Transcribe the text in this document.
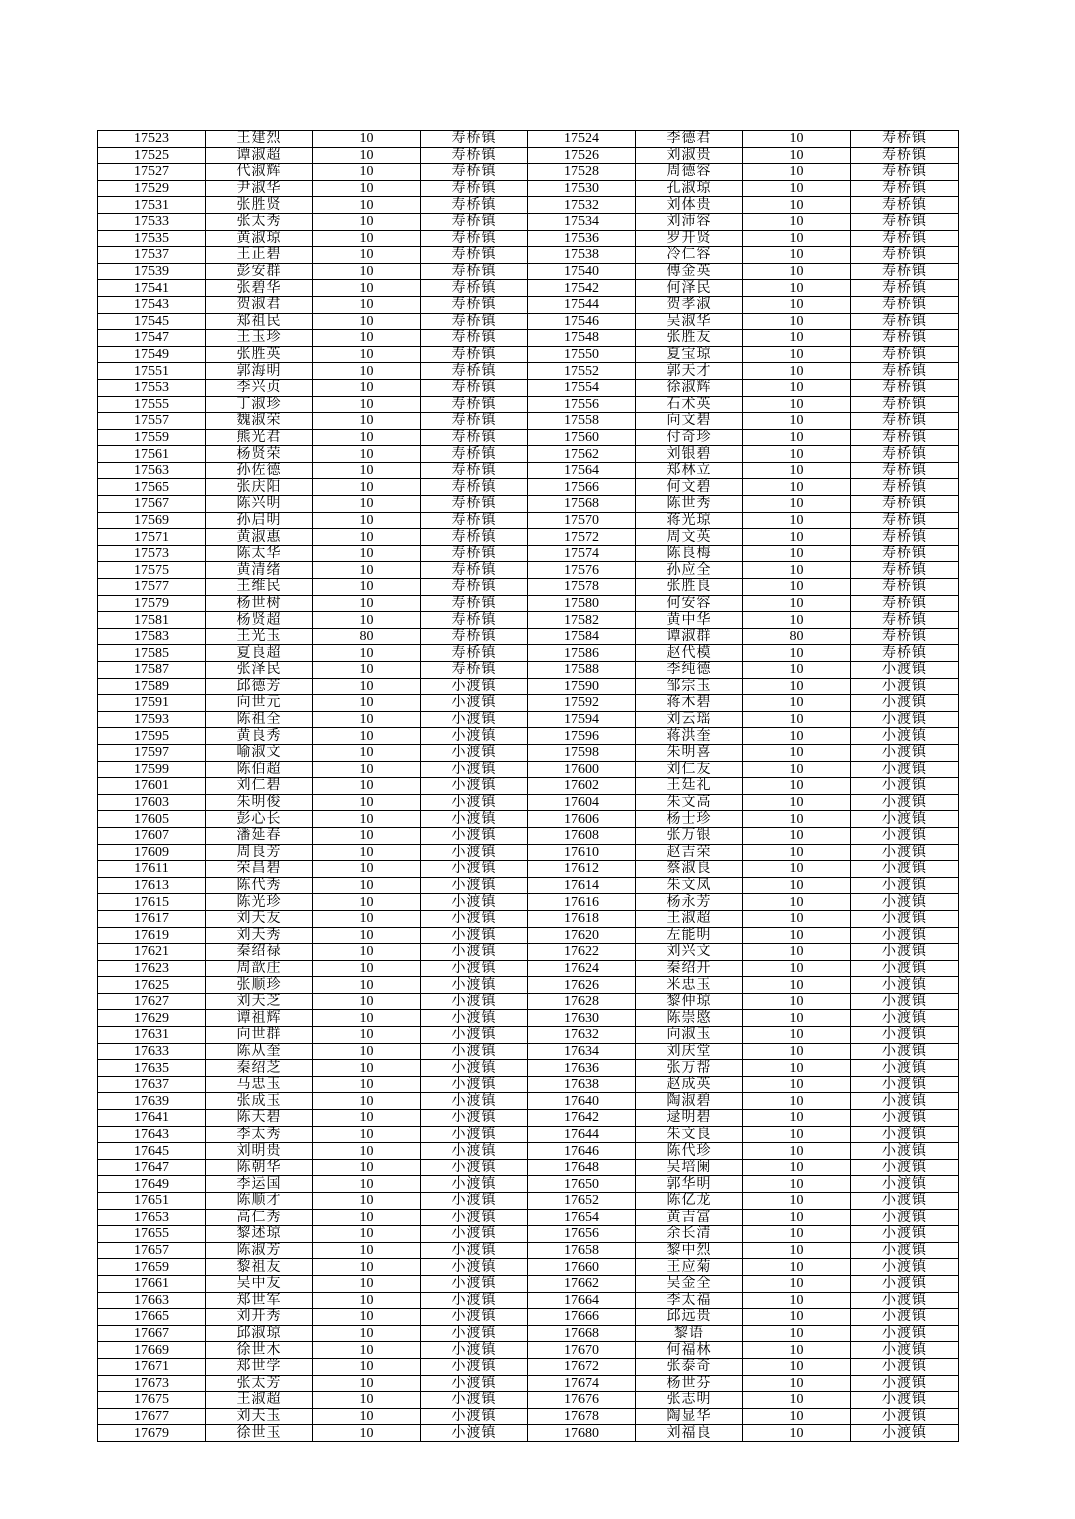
17523	王建烈	10	寿桥镇	17524	李德君	10	寿桥镇
17525	谭淑超	10	寿桥镇	17526	刘淑贵	10	寿桥镇
17527	代淑辉	10	寿桥镇	17528	周德容	10	寿桥镇
17529	尹淑华	10	寿桥镇	17530	孔淑琼	10	寿桥镇
17531	张胜贤	10	寿桥镇	17532	刘体贵	10	寿桥镇
17533	张太秀	10	寿桥镇	17534	刘沛容	10	寿桥镇
17535	黄淑琼	10	寿桥镇	17536	罗开贤	10	寿桥镇
17537	王正碧	10	寿桥镇	17538	冷仁容	10	寿桥镇
17539	彭安群	10	寿桥镇	17540	傅金英	10	寿桥镇
17541	张碧华	10	寿桥镇	17542	何泽民	10	寿桥镇
17543	贺淑君	10	寿桥镇	17544	贺孝淑	10	寿桥镇
17545	郑祖民	10	寿桥镇	17546	吴淑华	10	寿桥镇
17547	王玉珍	10	寿桥镇	17548	张胜友	10	寿桥镇
17549	张胜英	10	寿桥镇	17550	夏宝琼	10	寿桥镇
17551	郭海明	10	寿桥镇	17552	郭天才	10	寿桥镇
17553	李兴贞	10	寿桥镇	17554	徐淑辉	10	寿桥镇
17555	丁淑珍	10	寿桥镇	17556	石术英	10	寿桥镇
17557	魏淑荣	10	寿桥镇	17558	向文碧	10	寿桥镇
17559	熊光君	10	寿桥镇	17560	付奇珍	10	寿桥镇
17561	杨贤荣	10	寿桥镇	17562	刘银碧	10	寿桥镇
17563	孙佐德	10	寿桥镇	17564	郑林立	10	寿桥镇
17565	张庆阳	10	寿桥镇	17566	何文碧	10	寿桥镇
17567	陈兴明	10	寿桥镇	17568	陈世秀	10	寿桥镇
17569	孙启明	10	寿桥镇	17570	蒋光琼	10	寿桥镇
17571	黄淑惠	10	寿桥镇	17572	周文英	10	寿桥镇
17573	陈太华	10	寿桥镇	17574	陈良梅	10	寿桥镇
17575	黄清绪	10	寿桥镇	17576	孙应全	10	寿桥镇
17577	王维民	10	寿桥镇	17578	张胜良	10	寿桥镇
17579	杨世树	10	寿桥镇	17580	何安容	10	寿桥镇
17581	杨贤超	10	寿桥镇	17582	黄中华	10	寿桥镇
17583	王光玉	80	寿桥镇	17584	谭淑群	80	寿桥镇
17585	夏良超	10	寿桥镇	17586	赵代模	10	寿桥镇
17587	张泽民	10	寿桥镇	17588	李纯德	10	小渡镇
17589	邱德芳	10	小渡镇	17590	邹宗玉	10	小渡镇
17591	向世元	10	小渡镇	17592	蒋木碧	10	小渡镇
17593	陈祖全	10	小渡镇	17594	刘云瑶	10	小渡镇
17595	黄良秀	10	小渡镇	17596	蒋洪奎	10	小渡镇
17597	喻淑文	10	小渡镇	17598	朱明喜	10	小渡镇
17599	陈伯超	10	小渡镇	17600	刘仁友	10	小渡镇
17601	刘仁碧	10	小渡镇	17602	王廷礼	10	小渡镇
17603	朱明俊	10	小渡镇	17604	朱文高	10	小渡镇
17605	彭心长	10	小渡镇	17606	杨士珍	10	小渡镇
17607	潘延春	10	小渡镇	17608	张万银	10	小渡镇
17609	周良芳	10	小渡镇	17610	赵吉荣	10	小渡镇
17611	荣昌碧	10	小渡镇	17612	蔡淑良	10	小渡镇
17613	陈代秀	10	小渡镇	17614	朱文凤	10	小渡镇
17615	陈光珍	10	小渡镇	17616	杨永芳	10	小渡镇
17617	刘天友	10	小渡镇	17618	王淑超	10	小渡镇
17619	刘天秀	10	小渡镇	17620	左能明	10	小渡镇
17621	秦绍禄	10	小渡镇	17622	刘兴文	10	小渡镇
17623	周歆庄	10	小渡镇	17624	秦绍开	10	小渡镇
17625	张顺珍	10	小渡镇	17626	米忠玉	10	小渡镇
17627	刘天芝	10	小渡镇	17628	黎仲琼	10	小渡镇
17629	谭祖辉	10	小渡镇	17630	陈崇愍	10	小渡镇
17631	向世群	10	小渡镇	17632	向淑玉	10	小渡镇
17633	陈从奎	10	小渡镇	17634	刘庆堂	10	小渡镇
17635	秦绍芝	10	小渡镇	17636	张万帮	10	小渡镇
17637	马忠玉	10	小渡镇	17638	赵成英	10	小渡镇
17639	张成玉	10	小渡镇	17640	陶淑碧	10	小渡镇
17641	陈天碧	10	小渡镇	17642	逯明碧	10	小渡镇
17643	李太秀	10	小渡镇	17644	朱文良	10	小渡镇
17645	刘明贵	10	小渡镇	17646	陈代珍	10	小渡镇
17647	陈朝华	10	小渡镇	17648	吴培阑	10	小渡镇
17649	李运国	10	小渡镇	17650	郭华明	10	小渡镇
17651	陈顺才	10	小渡镇	17652	陈亿龙	10	小渡镇
17653	高仁秀	10	小渡镇	17654	黄吉富	10	小渡镇
17655	黎述琼	10	小渡镇	17656	余长清	10	小渡镇
17657	陈淑芳	10	小渡镇	17658	黎中烈	10	小渡镇
17659	黎祖友	10	小渡镇	17660	王应菊	10	小渡镇
17661	吴中友	10	小渡镇	17662	吴金全	10	小渡镇
17663	郑世军	10	小渡镇	17664	李太福	10	小渡镇
17665	刘开秀	10	小渡镇	17666	邱远贵	10	小渡镇
17667	邱淑琼	10	小渡镇	17668	黎语	10	小渡镇
17669	徐世木	10	小渡镇	17670	何福林	10	小渡镇
17671	郑世学	10	小渡镇	17672	张泰奇	10	小渡镇
17673	张太芳	10	小渡镇	17674	杨世芬	10	小渡镇
17675	王淑超	10	小渡镇	17676	张志明	10	小渡镇
17677	刘天玉	10	小渡镇	17678	陶显华	10	小渡镇
17679	徐世玉	10	小渡镇	17680	刘福良	10	小渡镇
